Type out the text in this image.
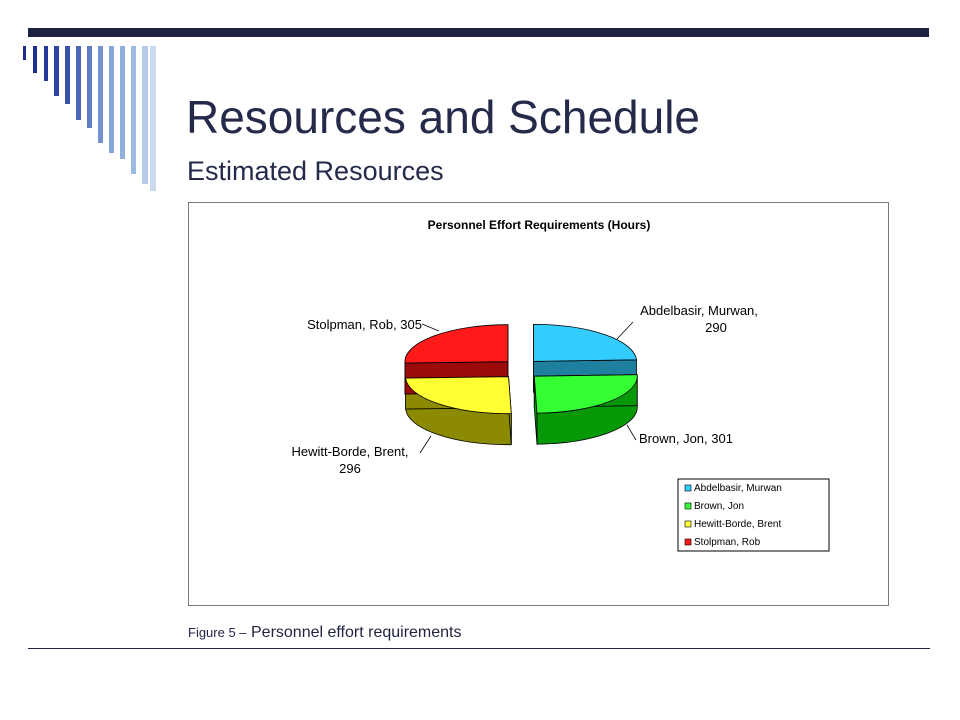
Resources and Schedule
Estimated Resources
Personnel Effort Requirements (Hours)
Abdelbasir, Murwan, 290
Brown, Jon, 301
Hewitt-Borde, Brent, 296
Stolpman, Rob, 305
Abdelbasir, Murwan
Brown, Jon
Hewitt-Borde, Brent
Stolpman, Rob
Figure 5 – Personnel effort requirements
